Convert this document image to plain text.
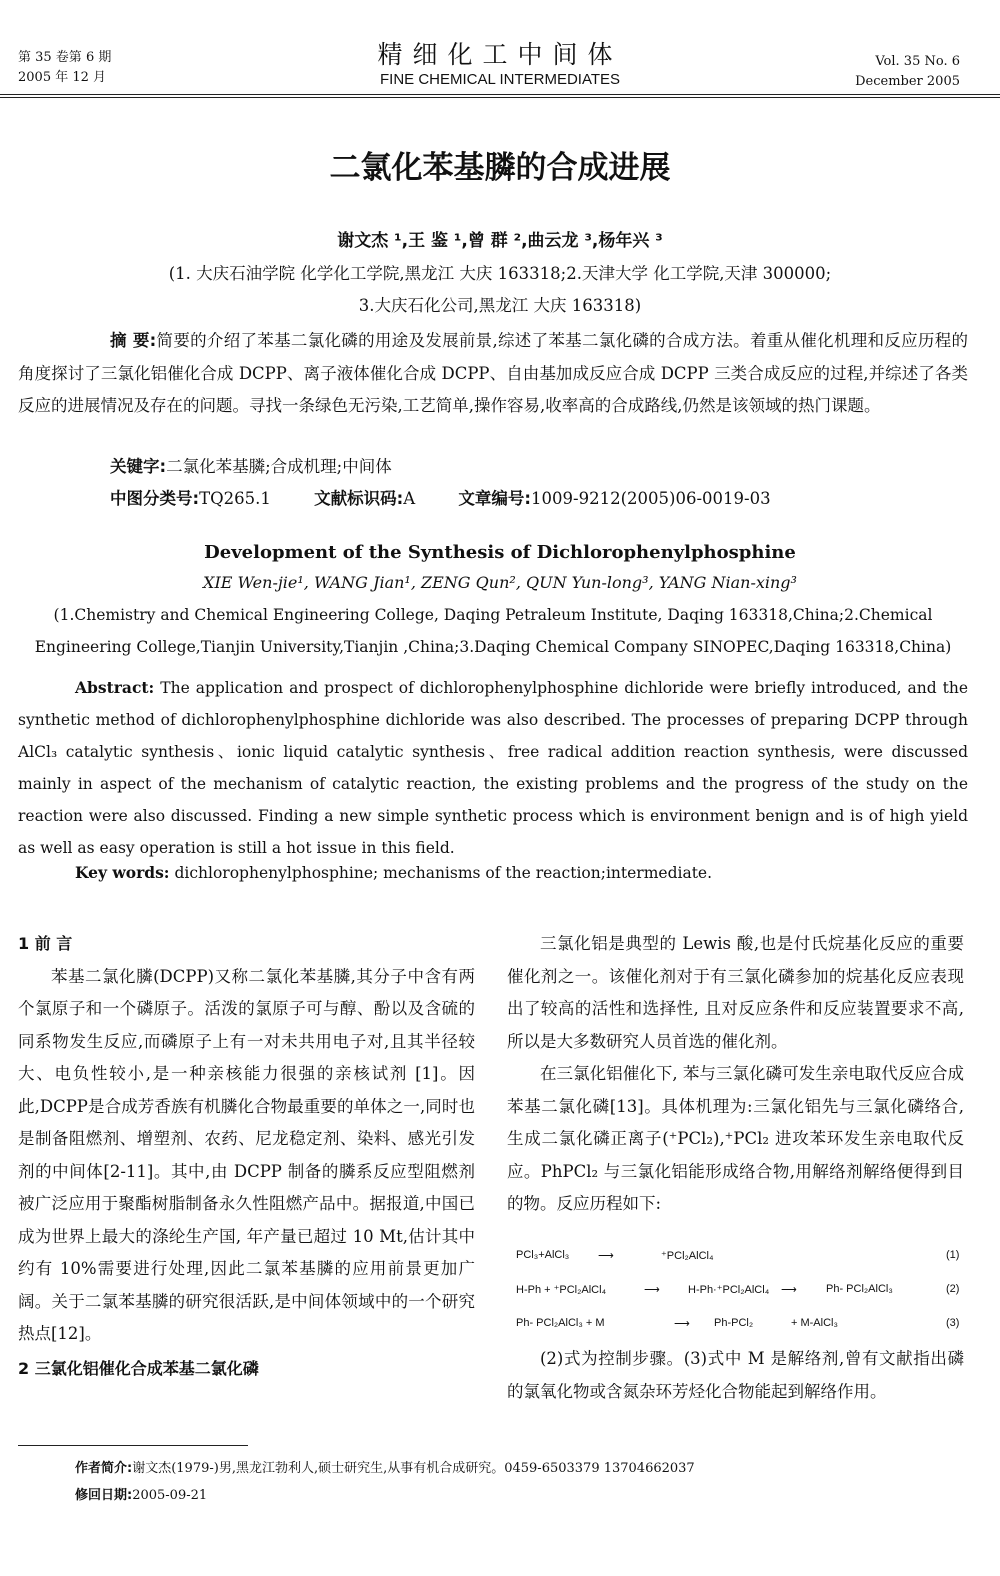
第 35 卷第 6 期
2005 年 12 月
精细化工中间体
FINE CHEMICAL INTERMEDIATES
Vol. 35 No. 6
December 2005
二氯化苯基膦的合成进展
谢文杰 ¹,王 鉴 ¹,曾 群 ²,曲云龙 ³,杨年兴 ³
(1. 大庆石油学院 化学化工学院,黑龙江 大庆 163318;2.天津大学 化工学院,天津 300000;
3.大庆石化公司,黑龙江 大庆 163318)
摘 要:简要的介绍了苯基二氯化磷的用途及发展前景,综述了苯基二氯化磷的合成方法。着重从催化机理和反应历程的角度探讨了三氯化铝催化合成 DCPP、离子液体催化合成 DCPP、自由基加成反应合成 DCPP 三类合成反应的过程,并综述了各类反应的进展情况及存在的问题。寻找一条绿色无污染,工艺简单,操作容易,收率高的合成路线,仍然是该领域的热门课题。
关键字:二氯化苯基膦;合成机理;中间体
中图分类号:TQ265.1	文献标识码:A	文章编号:1009-9212(2005)06-0019-03
Development of the Synthesis of Dichlorophenylphosphine
XIE Wen-jie¹, WANG Jian¹, ZENG Qun², QUN Yun-long³, YANG Nian-xing³
(1.Chemistry and Chemical Engineering College, Daqing Petraleum Institute, Daqing 163318,China;2.Chemical
Engineering College,Tianjin University,Tianjin ,China;3.Daqing Chemical Company SINOPEC,Daqing 163318,China)
Abstract: The application and prospect of dichlorophenylphosphine dichloride were briefly introduced, and the synthetic method of dichlorophenylphosphine dichloride was also described. The processes of preparing DCPP through AlCl₃ catalytic synthesis、ionic liquid catalytic synthesis、free radical addition reaction synthesis, were discussed mainly in aspect of the mechanism of catalytic reaction, the existing problems and the progress of the study on the reaction were also discussed. Finding a new simple synthetic process which is environment benign and is of high yield as well as easy operation is still a hot issue in this field.
Key words: dichlorophenylphosphine; mechanisms of the reaction;intermediate.
1 前 言

苯基二氯化膦(DCPP)又称二氯化苯基膦,其分子中含有两个氯原子和一个磷原子。活泼的氯原子可与醇、酚以及含硫的同系物发生反应,而磷原子上有一对未共用电子对,且其半径较大、电负性较小,是一种亲核能力很强的亲核试剂 [1]。因此,DCPP是合成芳香族有机膦化合物最重要的单体之一,同时也是制备阻燃剂、增塑剂、农药、尼龙稳定剂、染料、感光引发剂的中间体[2-11]。其中,由 DCPP 制备的膦系反应型阻燃剂被广泛应用于聚酯树脂制备永久性阻燃产品中。据报道,中国已成为世界上最大的涤纶生产国, 年产量已超过 10 Mt,估计其中约有 10%需要进行处理,因此二氯苯基膦的应用前景更加广阔。关于二氯苯基膦的研究很活跃,是中间体领域中的一个研究热点[12]。

2 三氯化铝催化合成苯基二氯化磷

三氯化铝是典型的 Lewis 酸,也是付氏烷基化反应的重要催化剂之一。该催化剂对于有三氯化磷参加的烷基化反应表现出了较高的活性和选择性, 且对反应条件和反应装置要求不高, 所以是大多数研究人员首选的催化剂。

在三氯化铝催化下, 苯与三氯化磷可发生亲电取代反应合成苯基二氯化磷[13]。具体机理为:三氯化铝先与三氯化磷络合,生成二氯化磷正离子(⁺PCl₂),⁺PCl₂ 进攻苯环发生亲电取代反应。PhPCl₂ 与三氯化铝能形成络合物,用解络剂解络便得到目的物。反应历程如下:

PCl₃+AlCl₃	⟶	⁺PCl₂AlCl₄	(1)
H-Ph + ⁺PCl₂AlCl₄	⟶	H-Ph·⁺PCl₂AlCl₄ ⟶	Ph- PCl₂AlCl₃	(2)
Ph- PCl₂AlCl₃ + M	⟶ Ph-PCl₂	+ M-AlCl₃	(3)

(2)式为控制步骤。(3)式中 M 是解络剂,曾有文献指出磷的氯氧化物或含氮杂环芳烃化合物能起到解络作用。

作者简介:谢文杰(1979-)男,黑龙江勃利人,硕士研究生,从事有机合成研究。0459-6503379 13704662037
修回日期:2005-09-21
